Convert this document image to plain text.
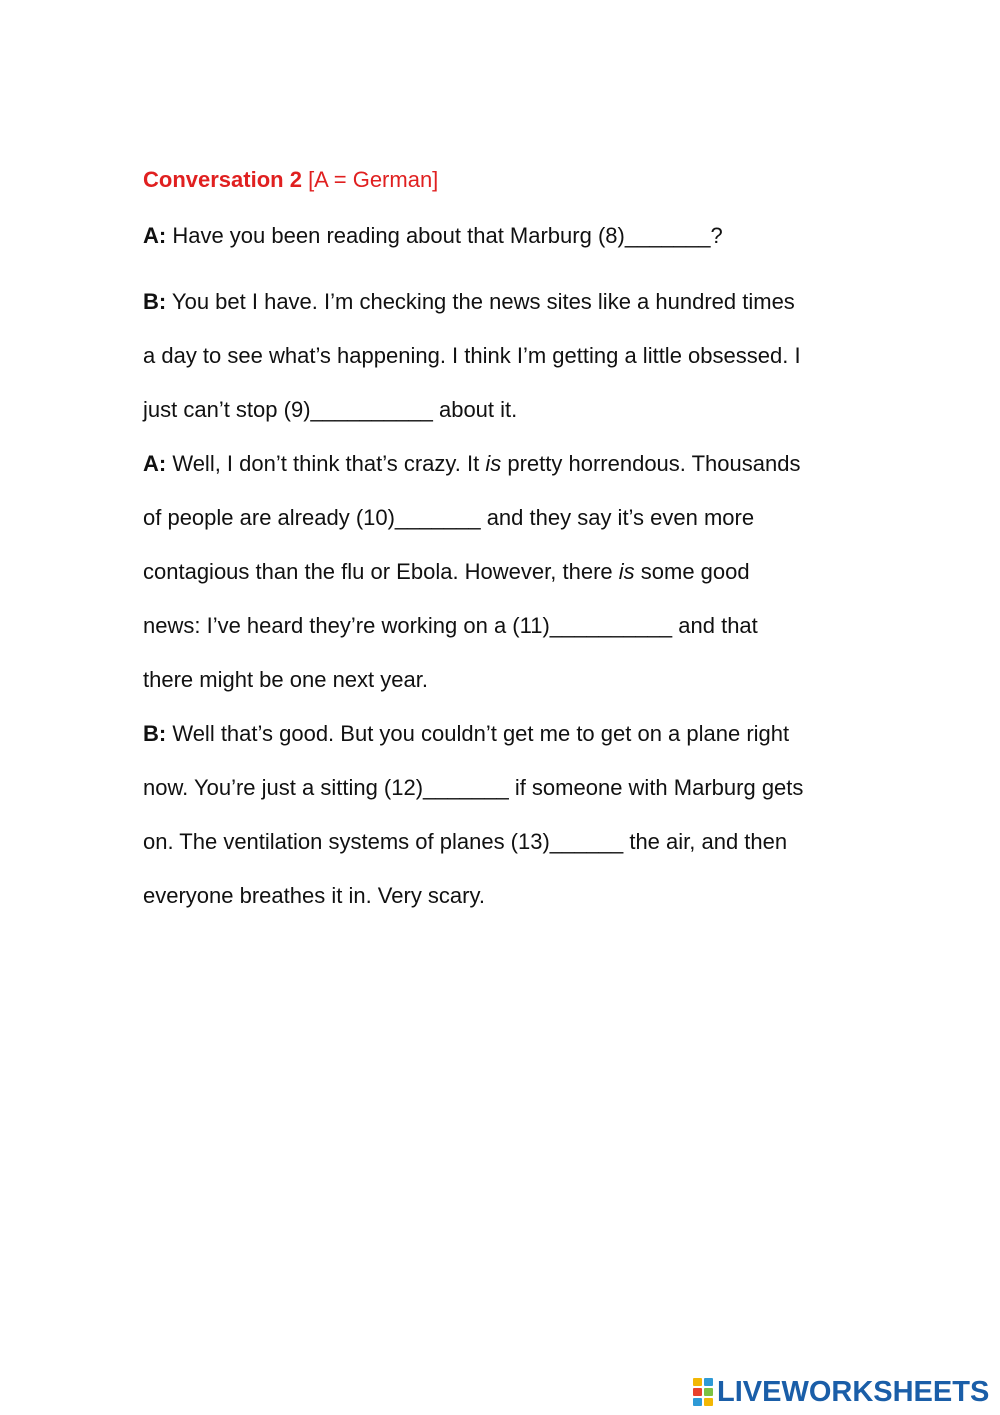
Conversation 2 [A = German]
A: Have you been reading about that Marburg (8)_______?
B: You bet I have. I’m checking the news sites like a hundred times
a day to see what’s happening. I think I’m getting a little obsessed. I
just can’t stop (9)__________ about it.
A: Well, I don’t think that’s crazy. It is pretty horrendous. Thousands
of people are already (10)_______ and they say it’s even more
contagious than the flu or Ebola. However, there is some good
news: I’ve heard they’re working on a (11)__________ and that
there might be one next year.
B: Well that’s good. But you couldn’t get me to get on a plane right
now. You’re just a sitting (12)_______ if someone with Marburg gets
on. The ventilation systems of planes (13)______ the air, and then
everyone breathes it in. Very scary.
LIVEWORKSHEETS
